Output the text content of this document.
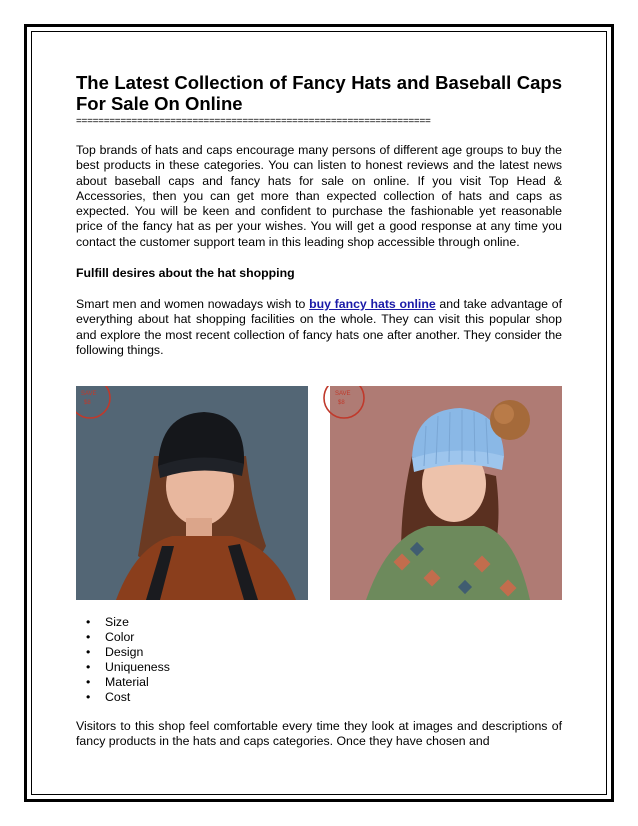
The Latest Collection of Fancy Hats and Baseball Caps For Sale On Online
================================================================

Top brands of hats and caps encourage many persons of different age groups to buy the best products in these categories. You can listen to honest reviews and the latest news about baseball caps and fancy hats for sale on online. If you visit Top Head & Accessories, then you can get more than expected collection of hats and caps as expected. You will be keen and confident to purchase the fashionable yet reasonable price of the fancy hat as per your wishes. You will get a good response at any time you contact the customer support team in this leading shop accessible through online.

Fulfill desires about the hat shopping

Smart men and women nowadays wish to buy fancy hats online and take advantage of everything about hat shopping facilities on the whole. They can visit this popular shop and explore the most recent collection of fancy hats one after another. They consider the following things.

SAVE
$8
SAVE
$8
• Size
• Color
• Design
• Uniqueness
• Material
• Cost

Visitors to this shop feel comfortable every time they look at images and descriptions of fancy products in the hats and caps categories. Once they have chosen and
